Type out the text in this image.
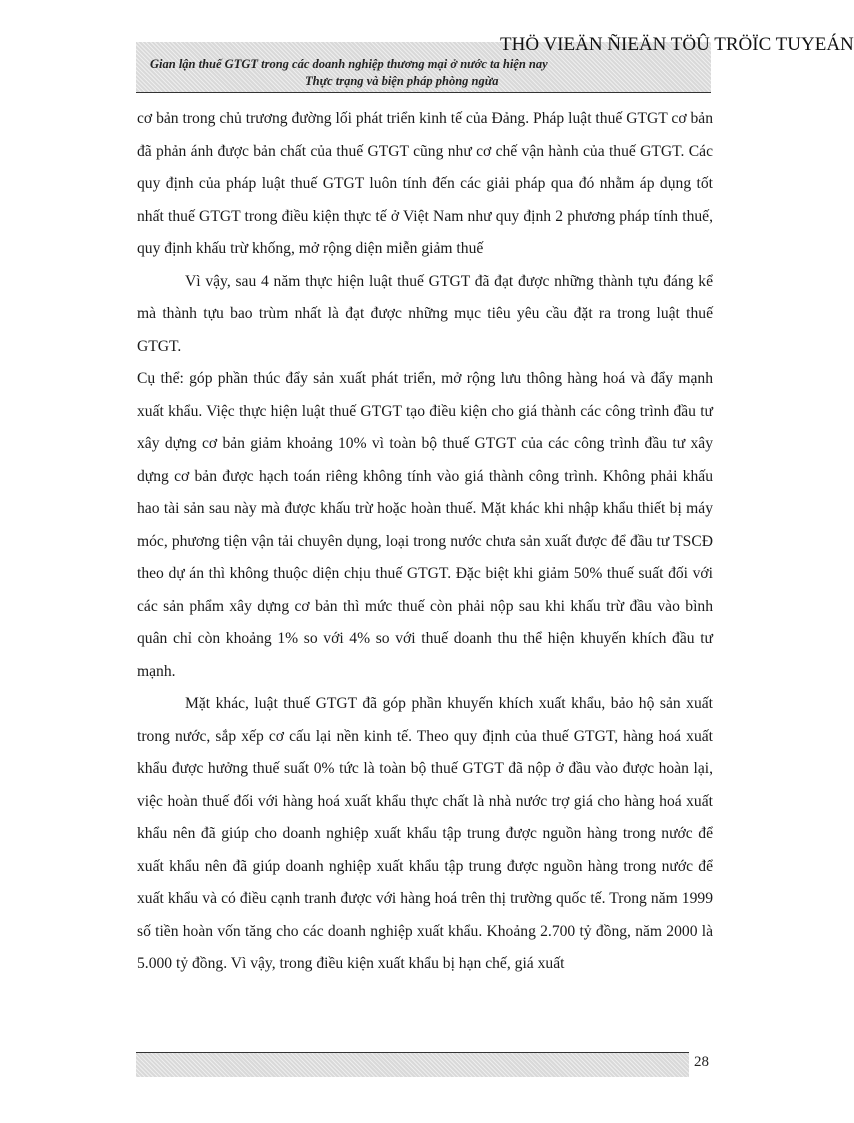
THÖ VIEÄN ÑIEÄN TÖÛ TRÖÏC TUYEÁN
Gian lận thuế GTGT trong các doanh nghiệp thương mại ở nước ta hiện nay
Thực trạng và biện pháp phòng ngừa

cơ bản trong chủ trương đường lối phát triển kinh tế của Đảng. Pháp luật thuế GTGT cơ bản đã phản ánh được bản chất của thuế GTGT cũng như cơ chế vận hành của thuế GTGT. Các quy định của pháp luật thuế GTGT luôn tính đến các giải pháp qua đó nhằm áp dụng tốt nhất thuế GTGT trong điều kiện thực tế ở Việt Nam như quy định 2 phương pháp tính thuế, quy định khấu trừ khống, mở rộng diện miễn giảm thuế

Vì vậy, sau 4 năm thực hiện luật thuế GTGT đã đạt được những thành tựu đáng kể mà thành tựu bao trùm nhất là đạt được những mục tiêu yêu cầu đặt ra trong luật thuế GTGT.

Cụ thể: góp phần thúc đẩy sản xuất phát triển, mở rộng lưu thông hàng hoá và đẩy mạnh xuất khẩu. Việc thực hiện luật thuế GTGT tạo điều kiện cho giá thành các công trình đầu tư xây dựng cơ bản giảm khoảng 10% vì toàn bộ thuế GTGT của các công trình đầu tư xây dựng cơ bản được hạch toán riêng không tính vào giá thành công trình. Không phải khấu hao tài sản sau này mà được khấu trừ hoặc hoàn thuế. Mặt khác khi nhập khẩu thiết bị máy móc, phương tiện vận tải chuyên dụng, loại trong nước chưa sản xuất được để đầu tư TSCĐ theo dự án thì không thuộc diện chịu thuế GTGT. Đặc biệt khi giảm 50% thuế suất đối với các sản phẩm xây dựng cơ bản thì mức thuế còn phải nộp sau khi khấu trừ đầu vào bình quân chỉ còn khoảng 1% so với 4% so với thuế doanh thu thể hiện khuyến khích đầu tư mạnh.

Mặt khác, luật thuế GTGT đã góp phần khuyến khích xuất khẩu, bảo hộ sản xuất trong nước, sắp xếp cơ cấu lại nền kinh tế. Theo quy định của thuế GTGT, hàng hoá xuất khẩu được hưởng thuế suất 0% tức là toàn bộ thuế GTGT đã nộp ở đầu vào được hoàn lại, việc hoàn thuế đối với hàng hoá xuất khẩu thực chất là nhà nước trợ giá cho hàng hoá xuất khẩu nên đã giúp cho doanh nghiệp xuất khẩu tập trung được nguồn hàng trong nước để xuất khẩu nên đã giúp doanh nghiệp xuất khẩu tập trung được nguồn hàng trong nước để xuất khẩu và có điều cạnh tranh được với hàng hoá trên thị trường quốc tế. Trong năm 1999 số tiền hoàn vốn tăng cho các doanh nghiệp xuất khẩu. Khoảng 2.700 tỷ đồng, năm 2000 là 5.000 tỷ đồng. Vì vậy, trong điều kiện xuất khẩu bị hạn chế, giá xuất

28
